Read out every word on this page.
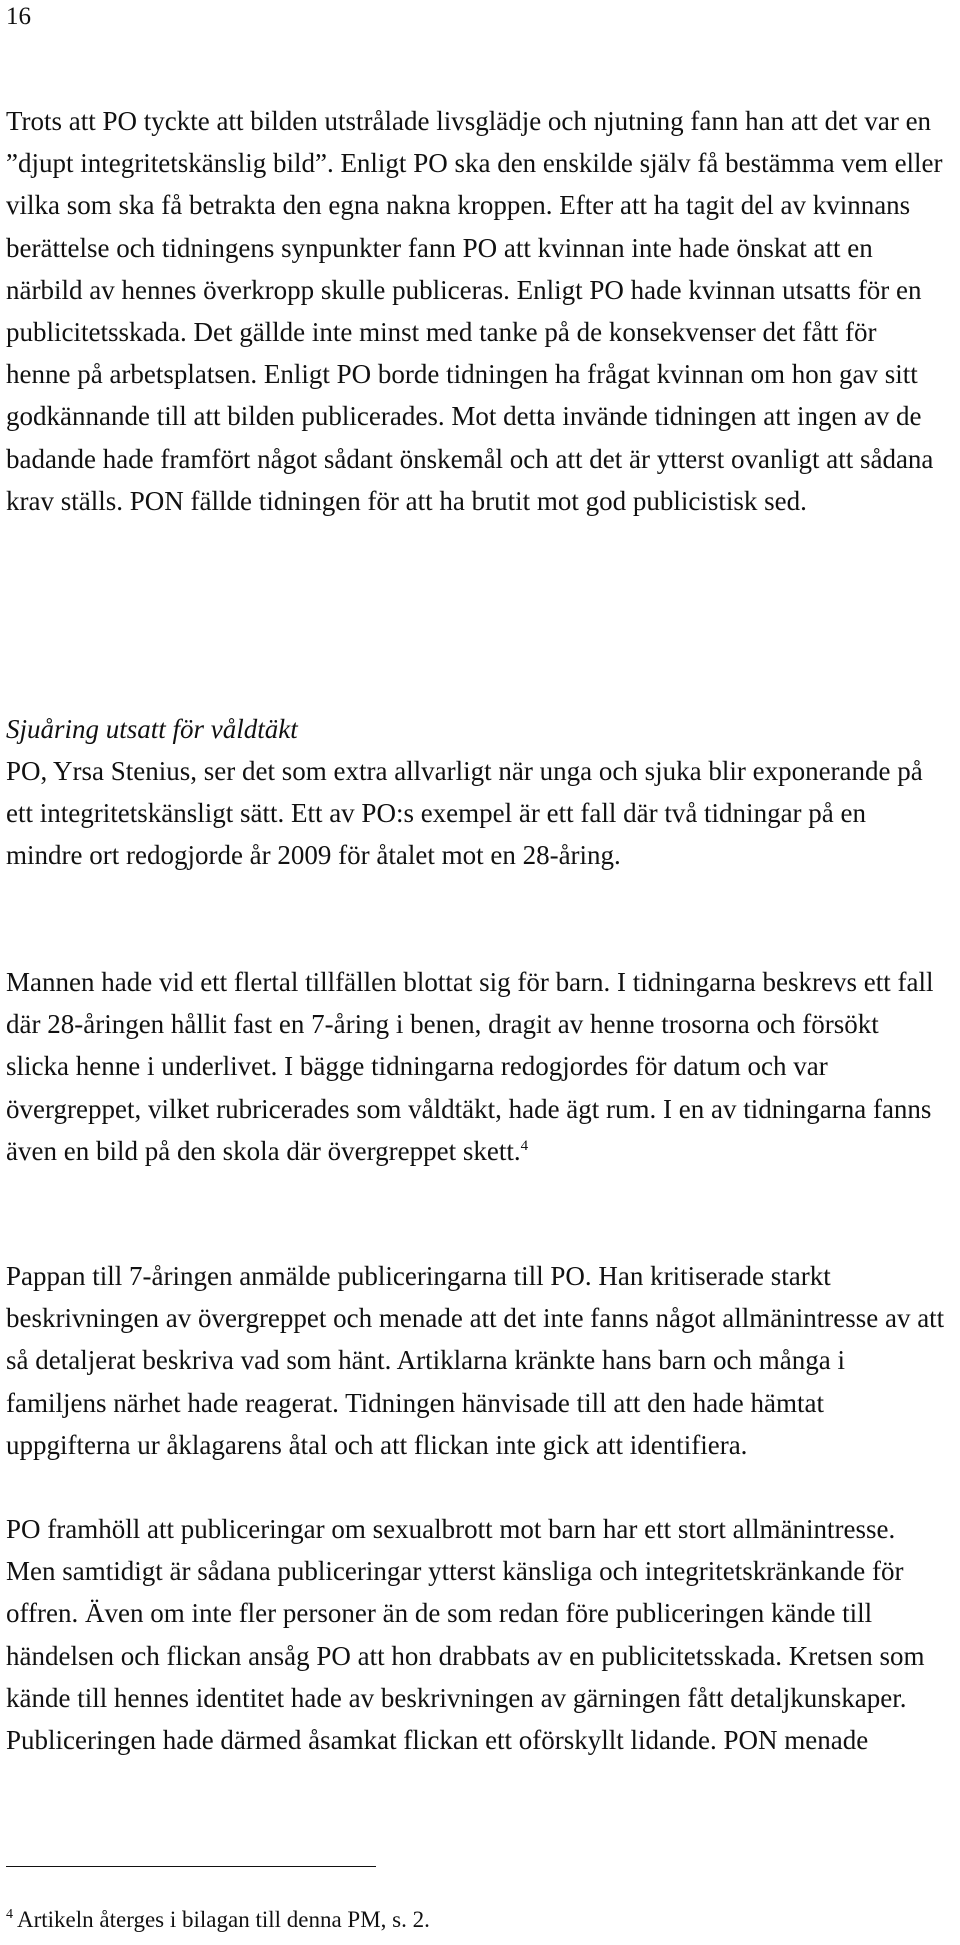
16

Trots att PO tyckte att bilden utstrålade livsglädje och njutning fann han att det var en ”djupt integritetskänslig bild”. Enligt PO ska den enskilde själv få bestämma vem eller vilka som ska få betrakta den egna nakna kroppen. Efter att ha tagit del av kvinnans berättelse och tidningens synpunkter fann PO att kvinnan inte hade önskat att en närbild av hennes överkropp skulle publiceras. Enligt PO hade kvinnan utsatts för en publicitetsskada. Det gällde inte minst med tanke på de konsekvenser det fått för henne på arbetsplatsen. Enligt PO borde tidningen ha frågat kvinnan om hon gav sitt godkännande till att bilden publicerades. Mot detta invände tidningen att ingen av de badande hade framfört något sådant önskemål och att det är ytterst ovanligt att sådana krav ställs. PON fällde tidningen för att ha brutit mot god publicistisk sed.

Sjuåring utsatt för våldtäkt

PO, Yrsa Stenius, ser det som extra allvarligt när unga och sjuka blir exponerande på ett integritetskänsligt sätt. Ett av PO:s exempel är ett fall där två tidningar på en mindre ort redogjorde år 2009 för åtalet mot en 28-åring.

Mannen hade vid ett flertal tillfällen blottat sig för barn. I tidningarna beskrevs ett fall där 28-åringen hållit fast en 7-åring i benen, dragit av henne trosorna och försökt slicka henne i underlivet. I bägge tidningarna redogjordes för datum och var övergreppet, vilket rubricerades som våldtäkt, hade ägt rum. I en av tidningarna fanns även en bild på den skola där övergreppet skett.$^4$

Pappan till 7-åringen anmälde publiceringarna till PO. Han kritiserade starkt beskrivningen av övergreppet och menade att det inte fanns något allmänintresse av att så detaljerat beskriva vad som hänt. Artiklarna kränkte hans barn och många i familjens närhet hade reagerat. Tidningen hänvisade till att den hade hämtat uppgifterna ur åklagarens åtal och att flickan inte gick att identifiera.

PO framhöll att publiceringar om sexualbrott mot barn har ett stort allmänintresse. Men samtidigt är sådana publiceringar ytterst känsliga och integritetskränkande för offren. Även om inte fler personer än de som redan före publiceringen kände till händelsen och flickan ansåg PO att hon drabbats av en publicitetsskada. Kretsen som kände till hennes identitet hade av beskrivningen av gärningen fått detaljkunskaper. Publiceringen hade därmed åsamkat flickan ett oförskyllt lidande. PON menade

$^4$ Artikeln återges i bilagan till denna PM, s. 2.
